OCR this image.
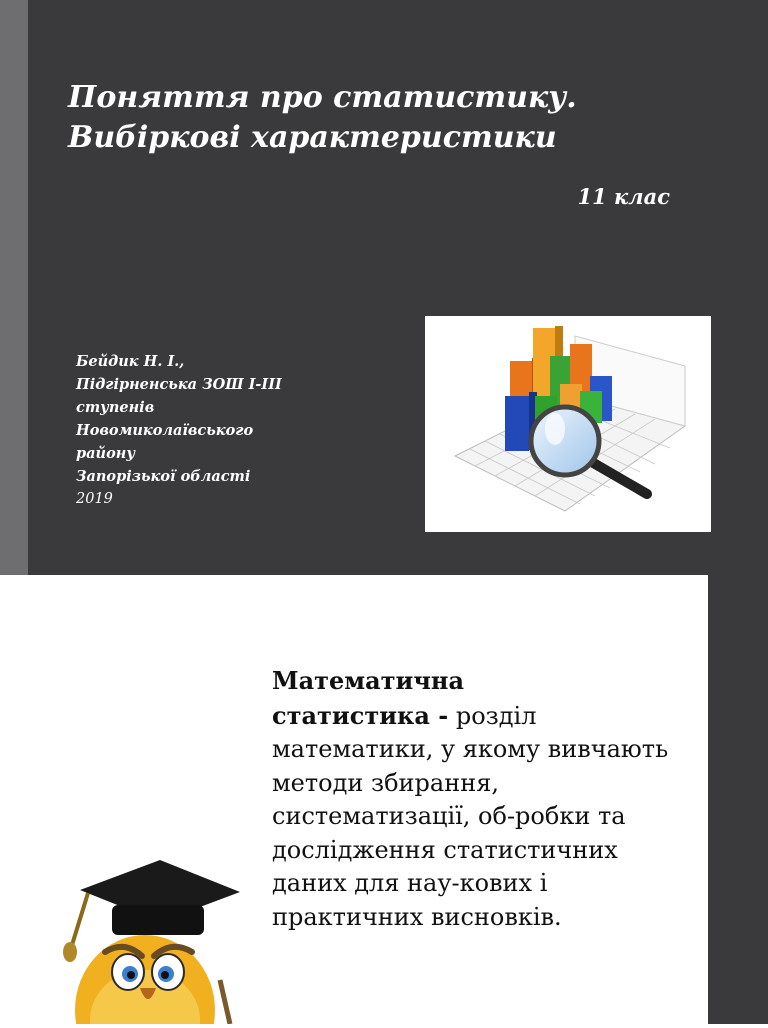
Поняття про статистику.
Вибіркові характеристики
11 клас
Бейдик Н. І.,
Підгірненська ЗОШ І-ІІІ
ступенів
Новомиколаївського
району
Запорізької області
2019

Математична
статистика - розділ математики, у якому вивчають методи збирання, систематизації, об-робки та дослідження статистичних даних для нау-кових і практичних висновків.
